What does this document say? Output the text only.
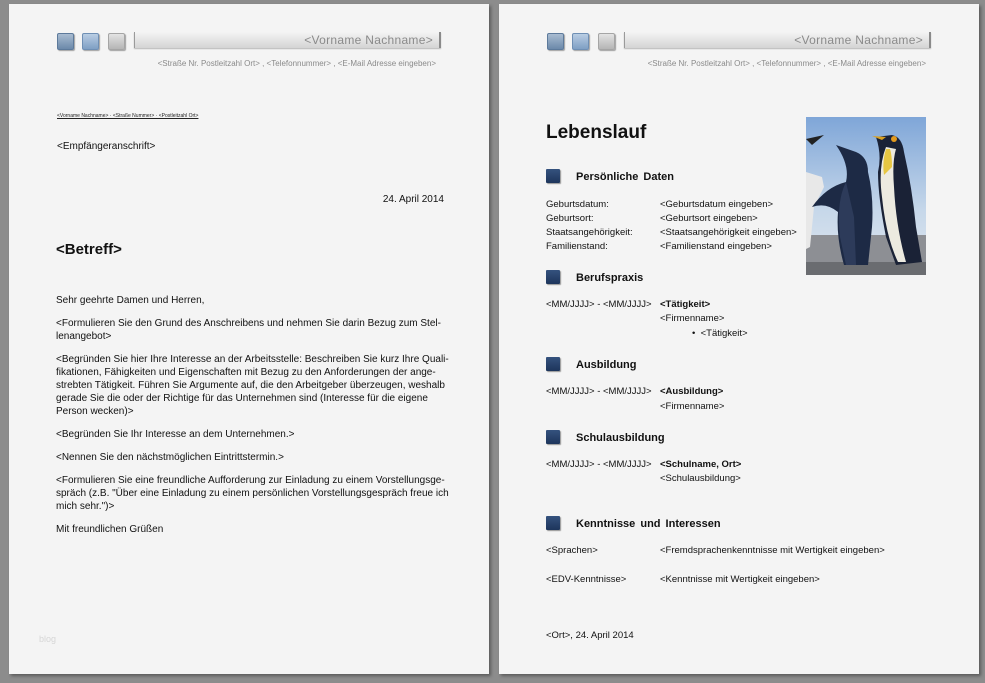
<Vorname Nachname>
<Straße Nr. Postleitzahl Ort> , <Telefonnummer> , <E-Mail Adresse eingeben>
<Vorname Nachname> · <Straße Nummer> · <Postleitzahl Ort>
<Empfängeranschrift>
24. April 2014
<Betreff>

Sehr geehrte Damen und Herren,

<Formulieren Sie den Grund des Anschreibens und nehmen Sie darin Bezug zum Stel-lenangebot>

<Begründen Sie hier Ihre Interesse an der Arbeitsstelle: Beschreiben Sie kurz Ihre Quali-fikationen, Fähigkeiten und Eigenschaften mit Bezug zu den Anforderungen der ange-strebten Tätigkeit. Führen Sie Argumente auf, die den Arbeitgeber überzeugen, weshalb gerade Sie die oder der Richtige für das Unternehmen sind (Interesse für die eigene Person wecken)>

<Begründen Sie Ihr Interesse an dem Unternehmen.>

<Nennen Sie den nächstmöglichen Eintrittstermin.>

<Formulieren Sie eine freundliche Aufforderung zur Einladung zu einem Vorstellungsge-spräch (z.B. "Über eine Einladung zu einem persönlichen Vorstellungsgespräch freue ich mich sehr.")>

Mit freundlichen Grüßen

blog
<Vorname Nachname>
<Straße Nr. Postleitzahl Ort> , <Telefonnummer> , <E-Mail Adresse eingeben>
Lebenslauf
Persönliche Daten
Geburtsdatum:	<Geburtsdatum eingeben>
Geburtsort:	<Geburtsort eingeben>
Staatsangehörigkeit:	<Staatsangehörigkeit eingeben>
Familienstand:	<Familienstand eingeben>
Berufspraxis
<MM/JJJJ> - <MM/JJJJ> <Tätigkeit>
<Firmenname>
•  <Tätigkeit>
Ausbildung
<MM/JJJJ> - <MM/JJJJ> <Ausbildung>
<Firmenname>
Schulausbildung
<MM/JJJJ> - <MM/JJJJ> <Schulname, Ort>
<Schulausbildung>
Kenntnisse und Interessen
<Sprachen>	<Fremdsprachenkenntnisse mit Wertigkeit eingeben>
<EDV-Kenntnisse>	<Kenntnisse mit Wertigkeit eingeben>
<Ort>, 24. April 2014
